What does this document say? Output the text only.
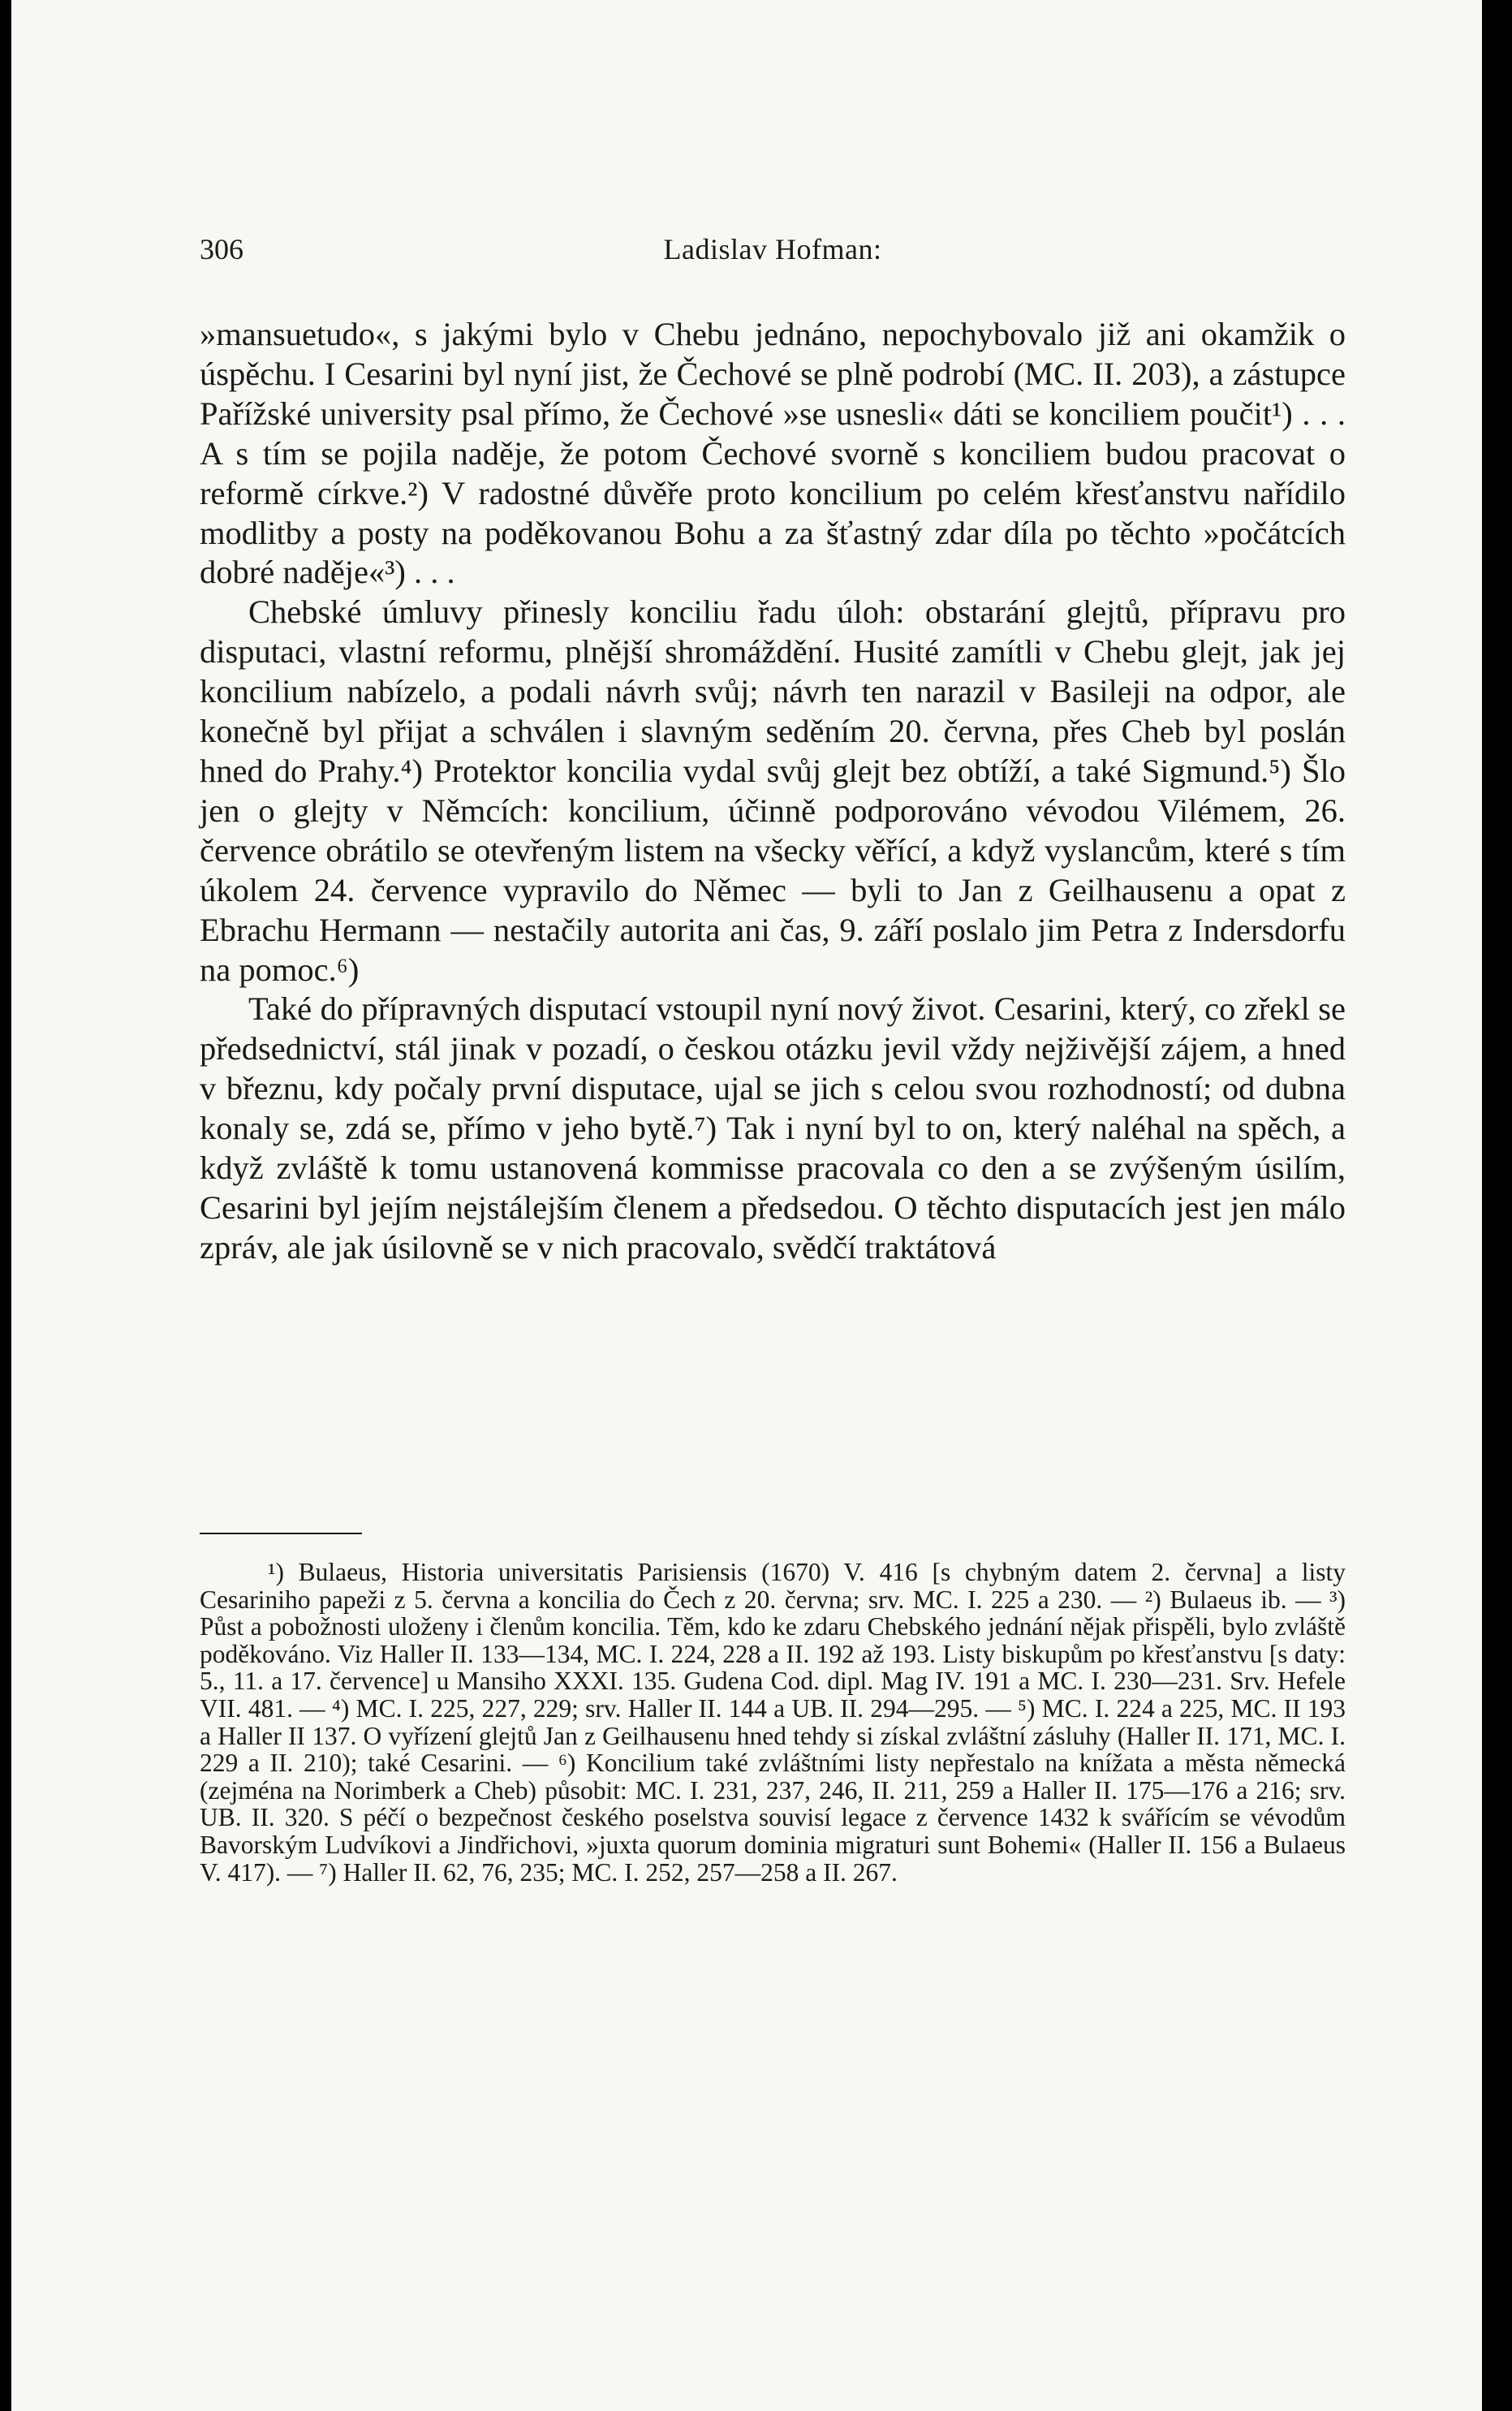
306	Ladislav Hofman:

»mansuetudo«, s jakými bylo v Chebu jednáno, nepochybovalo již ani okamžik o úspěchu. I Cesarini byl nyní jist, že Čechové se plně podrobí (MC. II. 203), a zástupce Pařížské university psal přímo, že Čechové »se usnesli« dáti se konciliem poučit¹) . . . A s tím se pojila naděje, že potom Čechové svorně s konciliem budou pracovat o reformě církve.²) V radostné důvěře proto koncilium po celém křesťanstvu nařídilo modlitby a posty na poděkovanou Bohu a za šťastný zdar díla po těchto »počátcích dobré naděje«³) . . .

Chebské úmluvy přinesly konciliu řadu úloh: obstarání glejtů, přípravu pro disputaci, vlastní reformu, plnější shromáždění. Husité zamítli v Chebu glejt, jak jej koncilium nabízelo, a podali návrh svůj; návrh ten narazil v Basileji na odpor, ale konečně byl přijat a schválen i slavným seděním 20. června, přes Cheb byl poslán hned do Prahy.⁴) Protektor koncilia vydal svůj glejt bez obtíží, a také Sigmund.⁵) Šlo jen o glejty v Němcích: koncilium, účinně podporováno vévodou Vilémem, 26. července obrátilo se otevřeným listem na všecky věřící, a když vyslancům, které s tím úkolem 24. července vypravilo do Němec — byli to Jan z Geilhausenu a opat z Ebrachu Hermann — nestačily autorita ani čas, 9. září poslalo jim Petra z Indersdorfu na pomoc.⁶)

Také do přípravných disputací vstoupil nyní nový život. Cesarini, který, co zřekl se předsednictví, stál jinak v pozadí, o českou otázku jevil vždy nejživější zájem, a hned v březnu, kdy počaly první disputace, ujal se jich s celou svou rozhodností; od dubna konaly se, zdá se, přímo v jeho bytě.⁷) Tak i nyní byl to on, který naléhal na spěch, a když zvláště k tomu ustanovená kommisse pracovala co den a se zvýšeným úsilím, Cesarini byl jejím nejstálejším členem a předsedou. O těchto disputacích jest jen málo zpráv, ale jak úsilovně se v nich pracovalo, svědčí traktátová

¹) Bulaeus, Historia universitatis Parisiensis (1670) V. 416 [s chybným datem 2. června] a listy Cesariniho papeži z 5. června a koncilia do Čech z 20. června; srv. MC. I. 225 a 230. — ²) Bulaeus ib. — ³) Půst a pobožnosti uloženy i členům koncilia. Těm, kdo ke zdaru Chebského jednání nějak přispěli, bylo zvláště poděkováno. Viz Haller II. 133—134, MC. I. 224, 228 a II. 192 až 193. Listy biskupům po křesťanstvu [s daty: 5., 11. a 17. července] u Mansiho XXXI. 135. Gudena Cod. dipl. Mag IV. 191 a MC. I. 230—231. Srv. Hefele VII. 481. — ⁴) MC. I. 225, 227, 229; srv. Haller II. 144 a UB. II. 294—295. — ⁵) MC. I. 224 a 225, MC. II 193 a Haller II 137. O vyřízení glejtů Jan z Geilhausenu hned tehdy si získal zvláštní zásluhy (Haller II. 171, MC. I. 229 a II. 210); také Cesarini. — ⁶) Koncilium také zvláštními listy nepřestalo na knížata a města německá (zejména na Norimberk a Cheb) působit: MC. I. 231, 237, 246, II. 211, 259 a Haller II. 175—176 a 216; srv. UB. II. 320. S péčí o bezpečnost českého poselstva souvisí legace z července 1432 k svářícím se vévodům Bavorským Ludvíkovi a Jindřichovi, »juxta quorum dominia migraturi sunt Bohemi« (Haller II. 156 a Bulaeus V. 417). — ⁷) Haller II. 62, 76, 235; MC. I. 252, 257—258 a II. 267.
